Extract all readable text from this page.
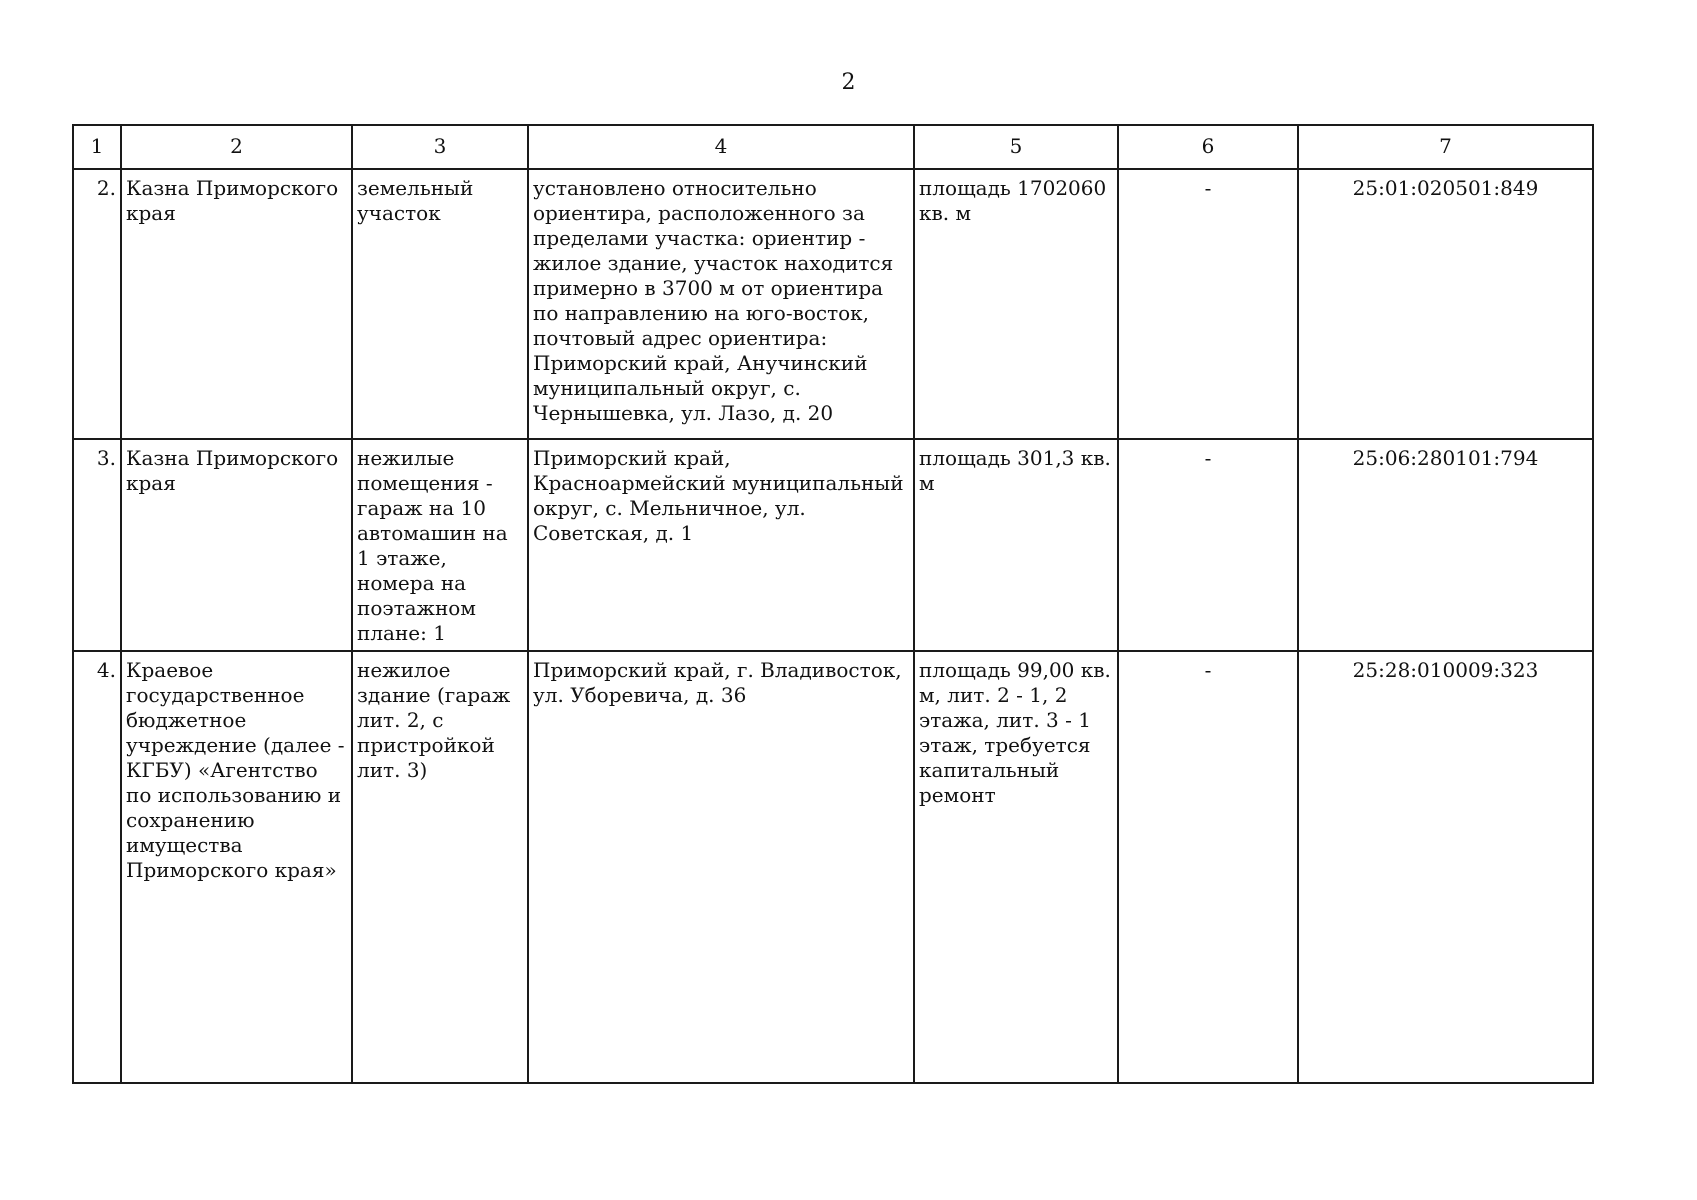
2
1	2	3	4	5	6	7
2.	Казна Приморского края	земельный участок	установлено относительно ориентира, расположенного за пределами участка: ориентир - жилое здание, участок находится примерно в 3700 м от ориентира по направлению на юго-восток, почтовый адрес ориентира: Приморский край, Анучинский муниципальный округ, с. Чернышевка, ул. Лазо, д. 20	площадь 1702060 кв. м	-	25:01:020501:849
3.	Казна Приморского края	нежилые помещения - гараж на 10 автомашин на 1 этаже, номера на поэтажном плане: 1	Приморский край, Красноармейский муниципальный округ, с. Мельничное, ул. Советская, д. 1	площадь 301,3 кв. м	-	25:06:280101:794
4.	Краевое государственное бюджетное учреждение (далее - КГБУ) «Агентство по использованию и сохранению имущества Приморского края»	нежилое здание (гараж лит. 2, с пристройкой лит. 3)	Приморский край, г. Владивосток, ул. Уборевича, д. 36	площадь 99,00 кв. м, лит. 2 - 1, 2 этажа, лит. 3 - 1 этаж, требуется капитальный ремонт	-	25:28:010009:323
